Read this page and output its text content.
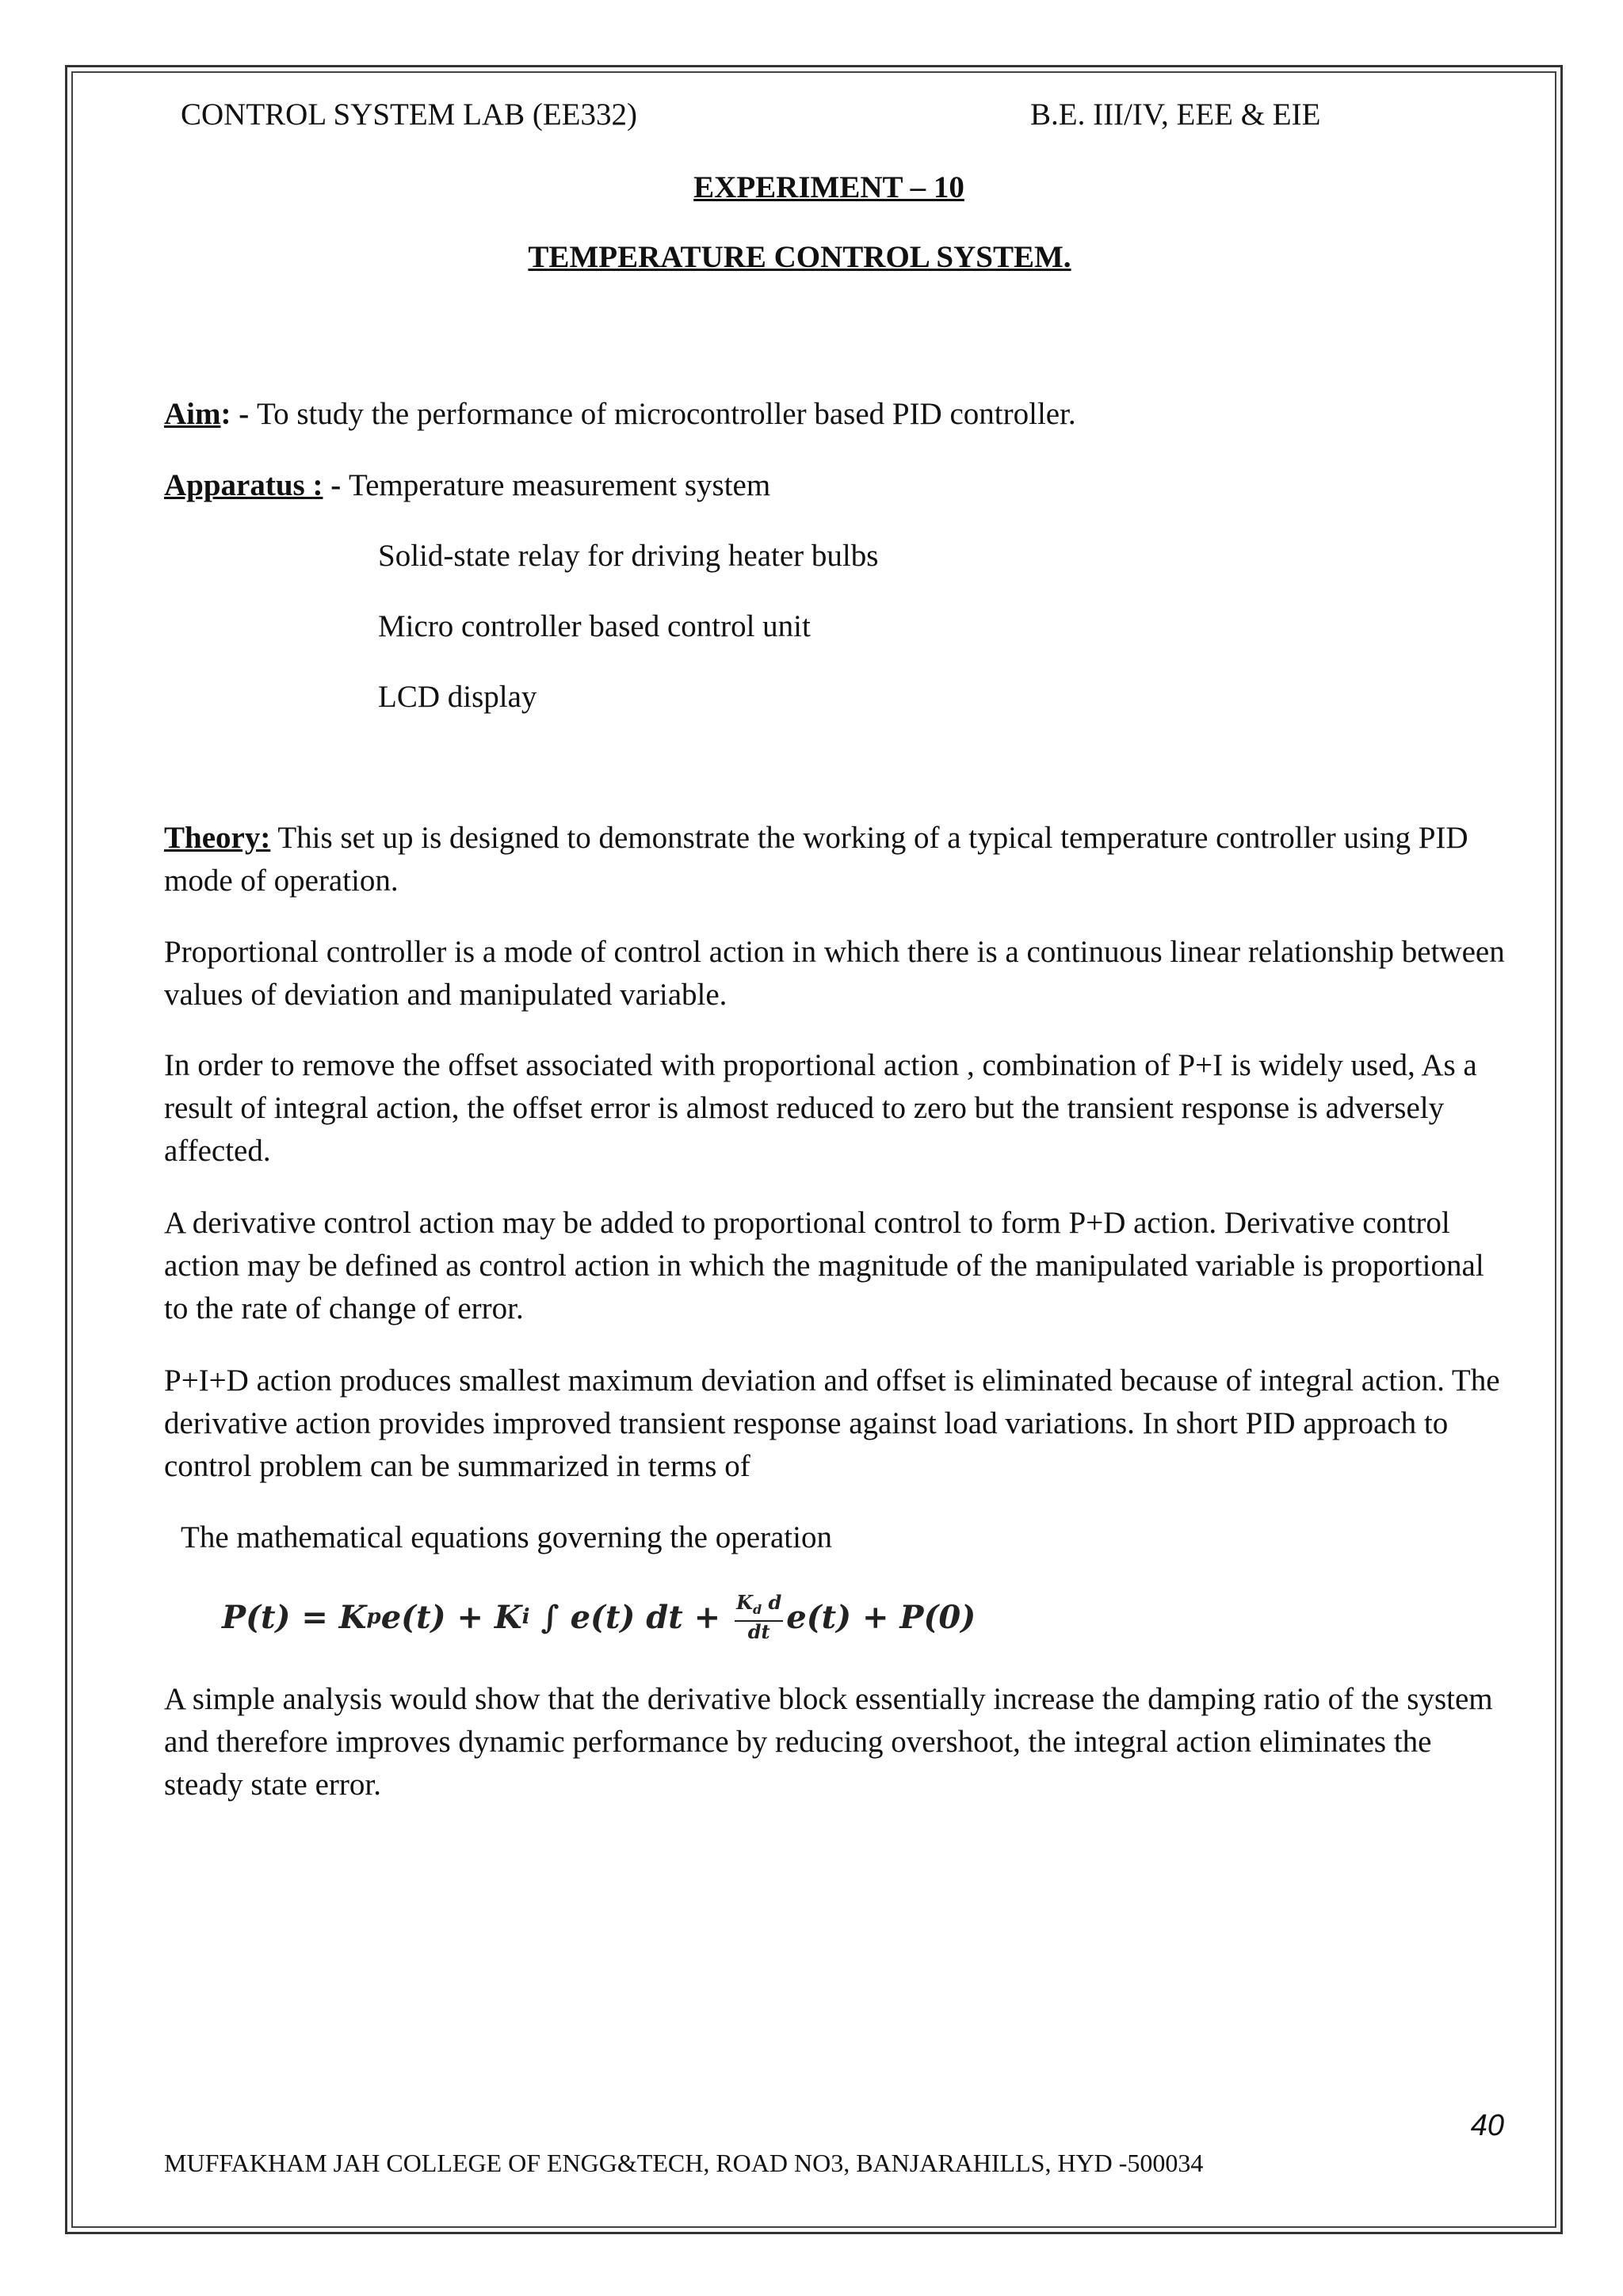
CONTROL SYSTEM LAB (EE332)	B.E. III/IV, EEE & EIE
EXPERIMENT – 10
TEMPERATURE CONTROL SYSTEM.
Aim: - To study the performance of microcontroller based PID controller.
Apparatus : - Temperature measurement system
Solid-state relay for driving heater bulbs
Micro controller based control unit
LCD display
Theory: This set up is designed to demonstrate the working of a typical temperature controller using PID mode of operation.
Proportional controller is a mode of control action in which there is a continuous linear relationship between values of deviation and manipulated variable.
In order to remove the offset associated with proportional action , combination of P+I is widely used, As a result of integral action, the offset error is almost reduced to zero but the transient response is adversely affected.
A derivative control action may be added to proportional control to form P+D action. Derivative control action may be defined as control action in which the magnitude of the manipulated variable is proportional to the rate of change of error.
P+I+D action produces smallest maximum deviation and offset is eliminated because of integral action. The derivative action provides improved transient response against load variations. In short PID approach to control problem can be summarized in terms of
The mathematical equations governing the operation
P(t) = K p e(t) + K i ∫ e(t) dt + $\frac{K_d d}{dt} e(t) + P(0)$
A simple analysis would show that the derivative block essentially increase the damping ratio of the system and therefore improves dynamic performance by reducing overshoot, the integral action eliminates the steady state error.
40
MUFFAKHAM JAH COLLEGE OF ENGG&TECH, ROAD NO3, BANJARAHILLS, HYD -500034
